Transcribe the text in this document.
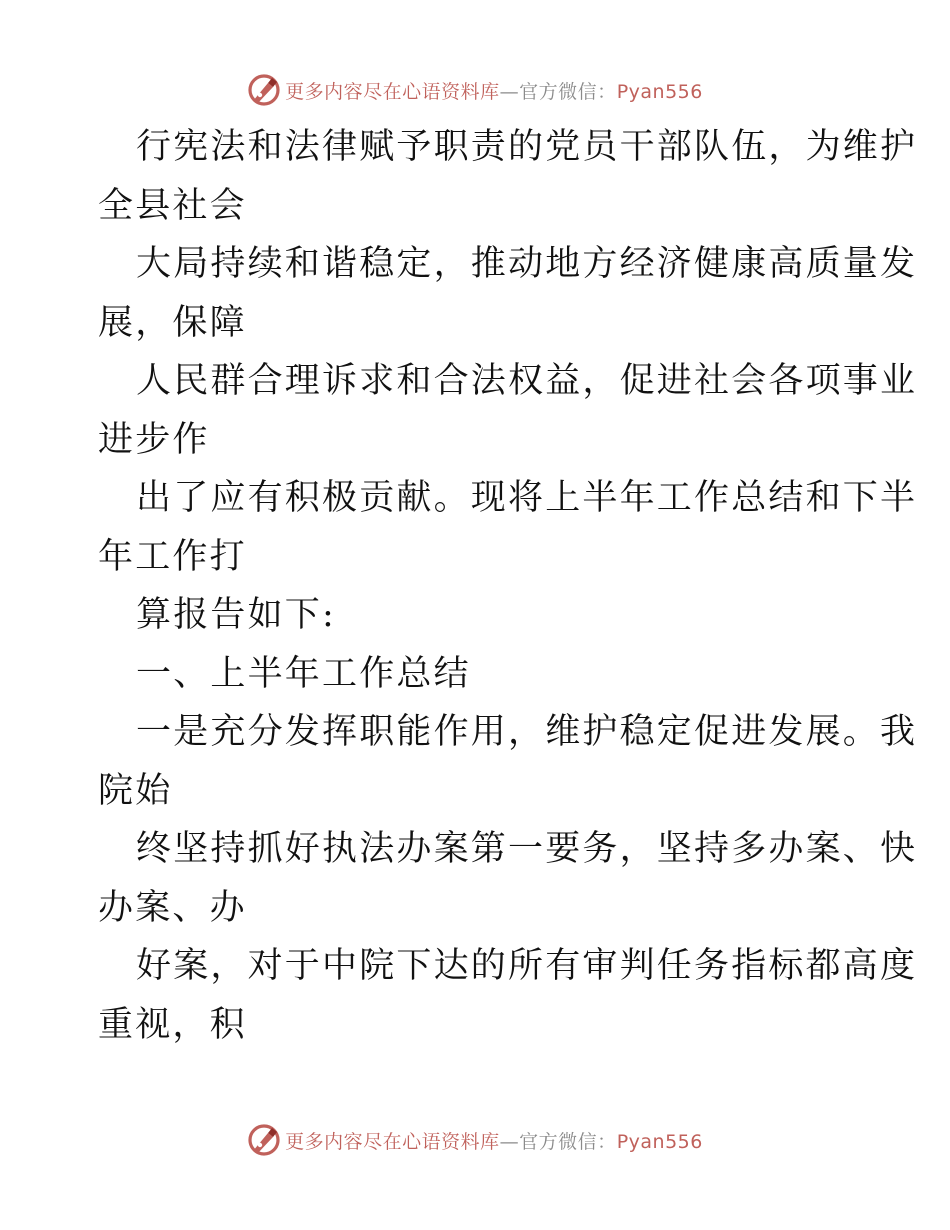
更多内容尽在心语资料库—官方微信：Pyan556
行宪法和法律赋予职责的党员干部队伍，为维护
全县社会
大局持续和谐稳定，推动地方经济健康高质量发
展，保障
人民群合理诉求和合法权益，促进社会各项事业
进步作
出了应有积极贡献。现将上半年工作总结和下半
年工作打
算报告如下:
一、上半年工作总结
一是充分发挥职能作用，维护稳定促进发展。我
院始
终坚持抓好执法办案第一要务，坚持多办案、快
办案、办
好案，对于中院下达的所有审判任务指标都高度
重视，积
更多内容尽在心语资料库—官方微信：Pyan556
